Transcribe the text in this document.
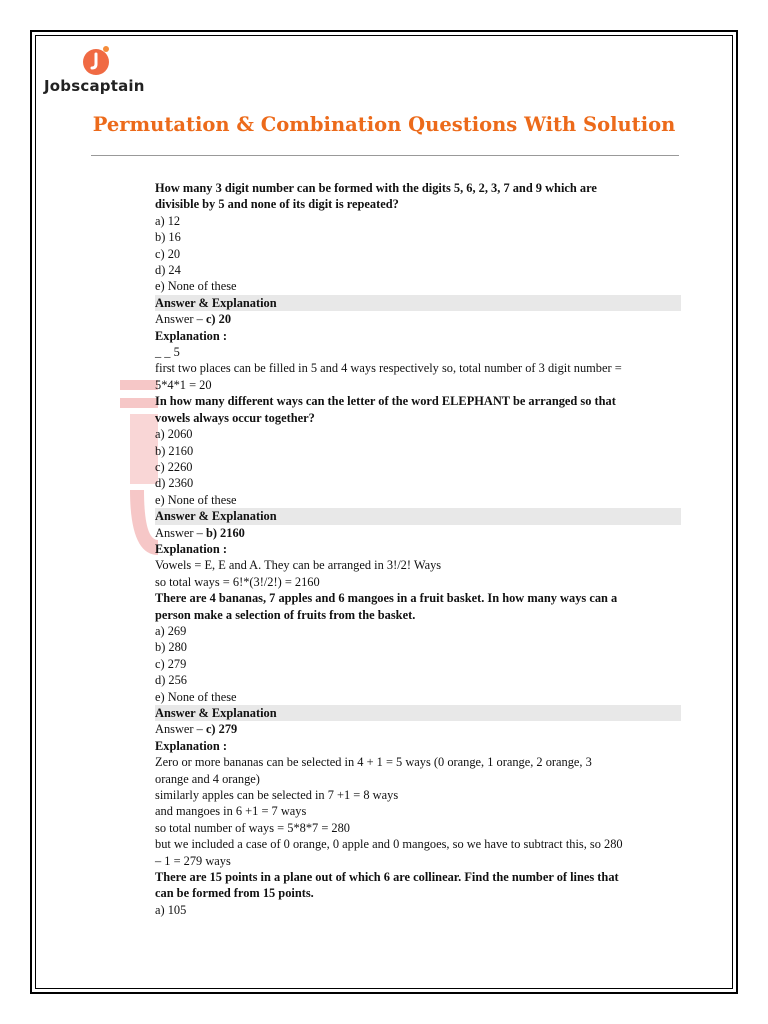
Jobscaptain
Permutation & Combination Questions With Solution
How many 3 digit number can be formed with the digits 5, 6, 2, 3, 7 and 9 which are
divisible by 5 and none of its digit is repeated?
a) 12
b) 16
c) 20
d) 24
e) None of these
Answer & Explanation
Answer – c) 20
Explanation :
_ _ 5
first two places can be filled in 5 and 4 ways respectively so, total number of 3 digit number =
5*4*1 = 20
In how many different ways can the letter of the word ELEPHANT be arranged so that
vowels always occur together?
a) 2060
b) 2160
c) 2260
d) 2360
e) None of these
Answer & Explanation
Answer – b) 2160
Explanation :
Vowels = E, E and A. They can be arranged in 3!/2! Ways
so total ways = 6!*(3!/2!) = 2160
There are 4 bananas, 7 apples and 6 mangoes in a fruit basket. In how many ways can a
person make a selection of fruits from the basket.
a) 269
b) 280
c) 279
d) 256
e) None of these
Answer & Explanation
Answer – c) 279
Explanation :
Zero or more bananas can be selected in 4 + 1 = 5 ways (0 orange, 1 orange, 2 orange, 3
orange and 4 orange)
similarly apples can be selected in 7 +1 = 8 ways
and mangoes in 6 +1 = 7 ways
so total number of ways = 5*8*7 = 280
but we included a case of 0 orange, 0 apple and 0 mangoes, so we have to subtract this, so 280
– 1 = 279 ways
There are 15 points in a plane out of which 6 are collinear. Find the number of lines that
can be formed from 15 points.
a) 105
